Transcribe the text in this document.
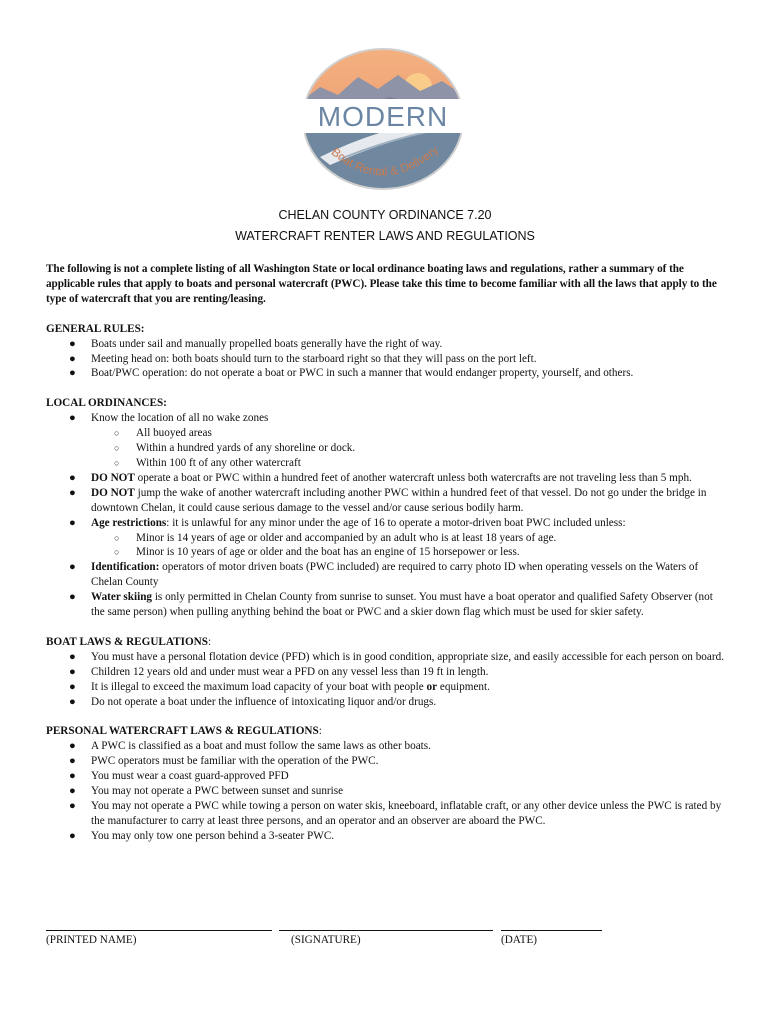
MODERN
Boat Rental & Delivery
CHELAN COUNTY ORDINANCE 7.20
WATERCRAFT RENTER LAWS AND REGULATIONS

The following is not a complete listing of all Washington State or local ordinance boating laws and regulations, rather a summary of the applicable rules that apply to boats and personal watercraft (PWC). Please take this time to become familiar with all the laws that apply to the type of watercraft that you are renting/leasing.

GENERAL RULES:
● Boats under sail and manually propelled boats generally have the right of way.
● Meeting head on: both boats should turn to the starboard right so that they will pass on the port left.
● Boat/PWC operation: do not operate a boat or PWC in such a manner that would endanger property, yourself, and others.
LOCAL ORDINANCES:
● Know the location of all no wake zones
○ All buoyed areas
○ Within a hundred yards of any shoreline or dock.
○ Within 100 ft of any other watercraft
● DO NOT operate a boat or PWC within a hundred feet of another watercraft unless both watercrafts are not traveling less than 5 mph.
● DO NOT jump the wake of another watercraft including another PWC within a hundred feet of that vessel. Do not go under the bridge in downtown Chelan, it could cause serious damage to the vessel and/or cause serious bodily harm.
● Age restrictions: it is unlawful for any minor under the age of 16 to operate a motor-driven boat PWC included unless:
○ Minor is 14 years of age or older and accompanied by an adult who is at least 18 years of age.
○ Minor is 10 years of age or older and the boat has an engine of 15 horsepower or less.
● Identification: operators of motor driven boats (PWC included) are required to carry photo ID when operating vessels on the Waters of Chelan County
● Water skiing is only permitted in Chelan County from sunrise to sunset. You must have a boat operator and qualified Safety Observer (not the same person) when pulling anything behind the boat or PWC and a skier down flag which must be used for skier safety.
BOAT LAWS & REGULATIONS:
● You must have a personal flotation device (PFD) which is in good condition, appropriate size, and easily accessible for each person on board.
● Children 12 years old and under must wear a PFD on any vessel less than 19 ft in length.
● It is illegal to exceed the maximum load capacity of your boat with people or equipment.
● Do not operate a boat under the influence of intoxicating liquor and/or drugs.
PERSONAL WATERCRAFT LAWS & REGULATIONS:
● A PWC is classified as a boat and must follow the same laws as other boats.
● PWC operators must be familiar with the operation of the PWC.
● You must wear a coast guard-approved PFD
● You may not operate a PWC between sunset and sunrise
● You may not operate a PWC while towing a person on water skis, kneeboard, inflatable craft, or any other device unless the PWC is rated by the manufacturer to carry at least three persons, and an operator and an observer are aboard the PWC.
● You may only tow one person behind a 3-seater PWC.
(PRINTED NAME)	(SIGNATURE)	(DATE)
